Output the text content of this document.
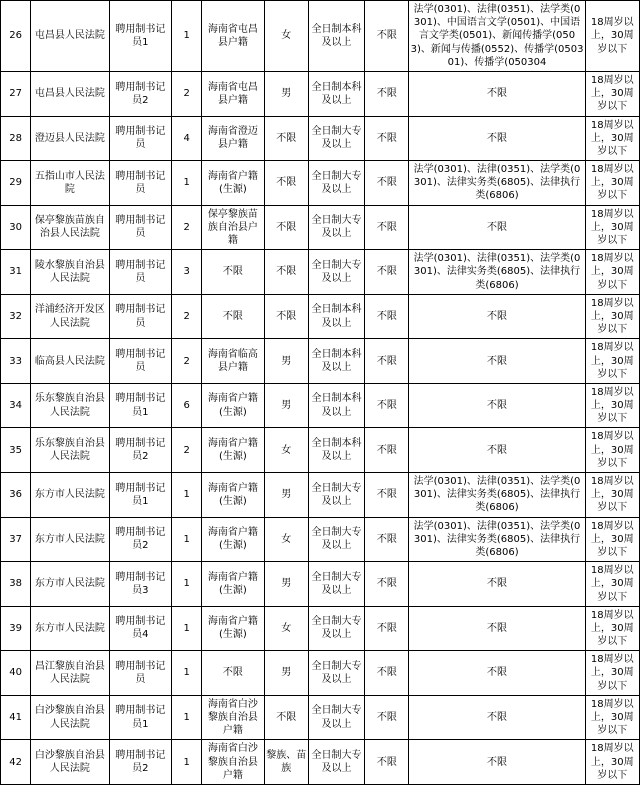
26	屯昌县人民法院	聘用制书记员1	1	海南省屯昌县户籍	女	全日制本科及以上	不限	法学(0301)、法律(0351)、法学类(0301)、中国语言文学(0501)、中国语言文学类(0501)、新闻传播学(0503)、新闻与传播(0552)、传播学(050301)、传播学(050304	18周岁以上，30周岁以下
27	屯昌县人民法院	聘用制书记员2	2	海南省屯昌县户籍	男	全日制本科及以上	不限	不限	18周岁以上，30周岁以下
28	澄迈县人民法院	聘用制书记员	4	海南省澄迈县户籍	不限	全日制大专及以上	不限	不限	18周岁以上，30周岁以下
29	五指山市人民法院	聘用制书记员	1	海南省户籍(生源)	不限	全日制大专及以上	不限	法学(0301)、法律(0351)、法学类(0301)、法律实务类(6805)、法律执行类(6806)	18周岁以上，30周岁以下
30	保亭黎族苗族自治县人民法院	聘用制书记员	2	保亭黎族苗族自治县户籍	不限	全日制大专及以上	不限	不限	18周岁以上，30周岁以下
31	陵水黎族自治县人民法院	聘用制书记员	3	不限	不限	全日制大专及以上	不限	法学(0301)、法律(0351)、法学类(0301)、法律实务类(6805)、法律执行类(6806)	18周岁以上，30周岁以下
32	洋浦经济开发区人民法院	聘用制书记员	2	不限	不限	全日制本科及以上	不限	不限	18周岁以上，30周岁以下
33	临高县人民法院	聘用制书记员	2	海南省临高县户籍	男	全日制本科及以上	不限	不限	18周岁以上，30周岁以下
34	乐东黎族自治县人民法院	聘用制书记员1	6	海南省户籍(生源)	男	全日制本科及以上	不限	不限	18周岁以上，30周岁以下
35	乐东黎族自治县人民法院	聘用制书记员2	2	海南省户籍(生源)	女	全日制本科及以上	不限	不限	18周岁以上，30周岁以下
36	东方市人民法院	聘用制书记员1	1	海南省户籍(生源)	男	全日制大专及以上	不限	法学(0301)、法律(0351)、法学类(0301)、法律实务类(6805)、法律执行类(6806)	18周岁以上，30周岁以下
37	东方市人民法院	聘用制书记员2	1	海南省户籍(生源)	女	全日制大专及以上	不限	法学(0301)、法律(0351)、法学类(0301)、法律实务类(6805)、法律执行类(6806)	18周岁以上，30周岁以下
38	东方市人民法院	聘用制书记员3	1	海南省户籍(生源)	男	全日制大专及以上	不限	不限	18周岁以上，30周岁以下
39	东方市人民法院	聘用制书记员4	1	海南省户籍(生源)	女	全日制大专及以上	不限	不限	18周岁以上，30周岁以下
40	昌江黎族自治县人民法院	聘用制书记员	1	不限	男	全日制大专及以上	不限	不限	18周岁以上，30周岁以下
41	白沙黎族自治县人民法院	聘用制书记员1	1	海南省白沙黎族自治县户籍	不限	全日制大专及以上	不限	不限	18周岁以上，30周岁以下
42	白沙黎族自治县人民法院	聘用制书记员2	1	海南省白沙黎族自治县户籍	黎族、苗族	全日制大专及以上	不限	不限	18周岁以上，30周岁以下
